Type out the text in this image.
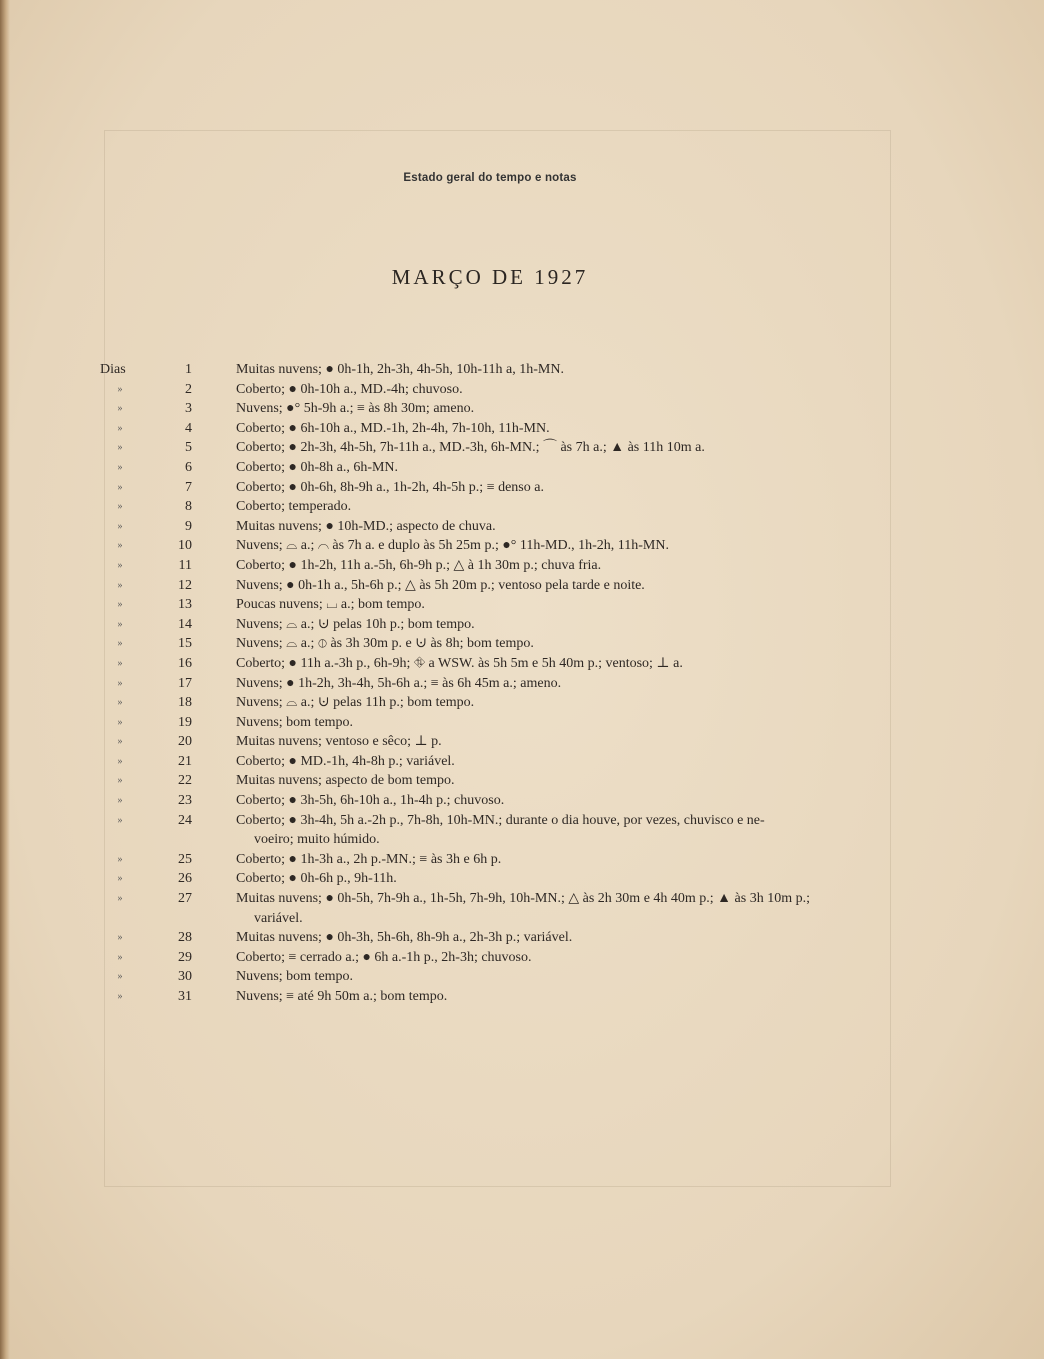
Estado geral do tempo e notas
MARÇO DE 1927
Dias	1	Muitas nuvens; ● 0h-1h, 2h-3h, 4h-5h, 10h-11h a, 1h-MN.
»	2	Coberto; ● 0h-10h a., MD.-4h; chuvoso.
»	3	Nuvens; ●° 5h-9h a.; ≡ às 8h 30m; ameno.
»	4	Coberto; ● 6h-10h a., MD.-1h, 2h-4h, 7h-10h, 11h-MN.
»	5	Coberto; ● 2h-3h, 4h-5h, 7h-11h a., MD.-3h, 6h-MN.; ⌒ às 7h a.; ▲ às 11h 10m a.
»	6	Coberto; ● 0h-8h a., 6h-MN.
»	7	Coberto; ● 0h-6h, 8h-9h a., 1h-2h, 4h-5h p.; ≡ denso a.
»	8	Coberto; temperado.
»	9	Muitas nuvens; ● 10h-MD.; aspecto de chuva.
»	10	Nuvens; ⌓ a.; ⌒ às 7h a. e duplo às 5h 25m p.; ●° 11h-MD., 1h-2h, 11h-MN.
»	11	Coberto; ● 1h-2h, 11h a.-5h, 6h-9h p.; △ à 1h 30m p.; chuva fria.
»	12	Nuvens; ● 0h-1h a., 5h-6h p.; △ às 5h 20m p.; ventoso pela tarde e noite.
»	13	Poucas nuvens; ⌴ a.; bom tempo.
»	14	Nuvens; ⌓ a.; ⊍ pelas 10h p.; bom tempo.
»	15	Nuvens; ⌓ a.; ⦶ às 3h 30m p. e ⊍ às 8h; bom tempo.
»	16	Coberto; ● 11h a.-3h p., 6h-9h; ⛗ a WSW. às 5h 5m e 5h 40m p.; ventoso; ⊥ a.
»	17	Nuvens; ● 1h-2h, 3h-4h, 5h-6h a.; ≡ às 6h 45m a.; ameno.
»	18	Nuvens; ⌓ a.; ⊍ pelas 11h p.; bom tempo.
»	19	Nuvens; bom tempo.
»	20	Muitas nuvens; ventoso e sêco; ⊥ p.
»	21	Coberto; ● MD.-1h, 4h-8h p.; variável.
»	22	Muitas nuvens; aspecto de bom tempo.
»	23	Coberto; ● 3h-5h, 6h-10h a., 1h-4h p.; chuvoso.
»	24	Coberto; ● 3h-4h, 5h a.-2h p., 7h-8h, 10h-MN.; durante o dia houve, por vezes, chuvisco e ne-
voeiro; muito húmido.
»	25	Coberto; ● 1h-3h a., 2h p.-MN.; ≡ às 3h e 6h p.
»	26	Coberto; ● 0h-6h p., 9h-11h.
»	27	Muitas nuvens; ● 0h-5h, 7h-9h a., 1h-5h, 7h-9h, 10h-MN.; △ às 2h 30m e 4h 40m p.; ▲ às 3h 10m p.;
variável.
»	28	Muitas nuvens; ● 0h-3h, 5h-6h, 8h-9h a., 2h-3h p.; variável.
»	29	Coberto; ≡ cerrado a.; ● 6h a.-1h p., 2h-3h; chuvoso.
»	30	Nuvens; bom tempo.
»	31	Nuvens; ≡ até 9h 50m a.; bom tempo.
